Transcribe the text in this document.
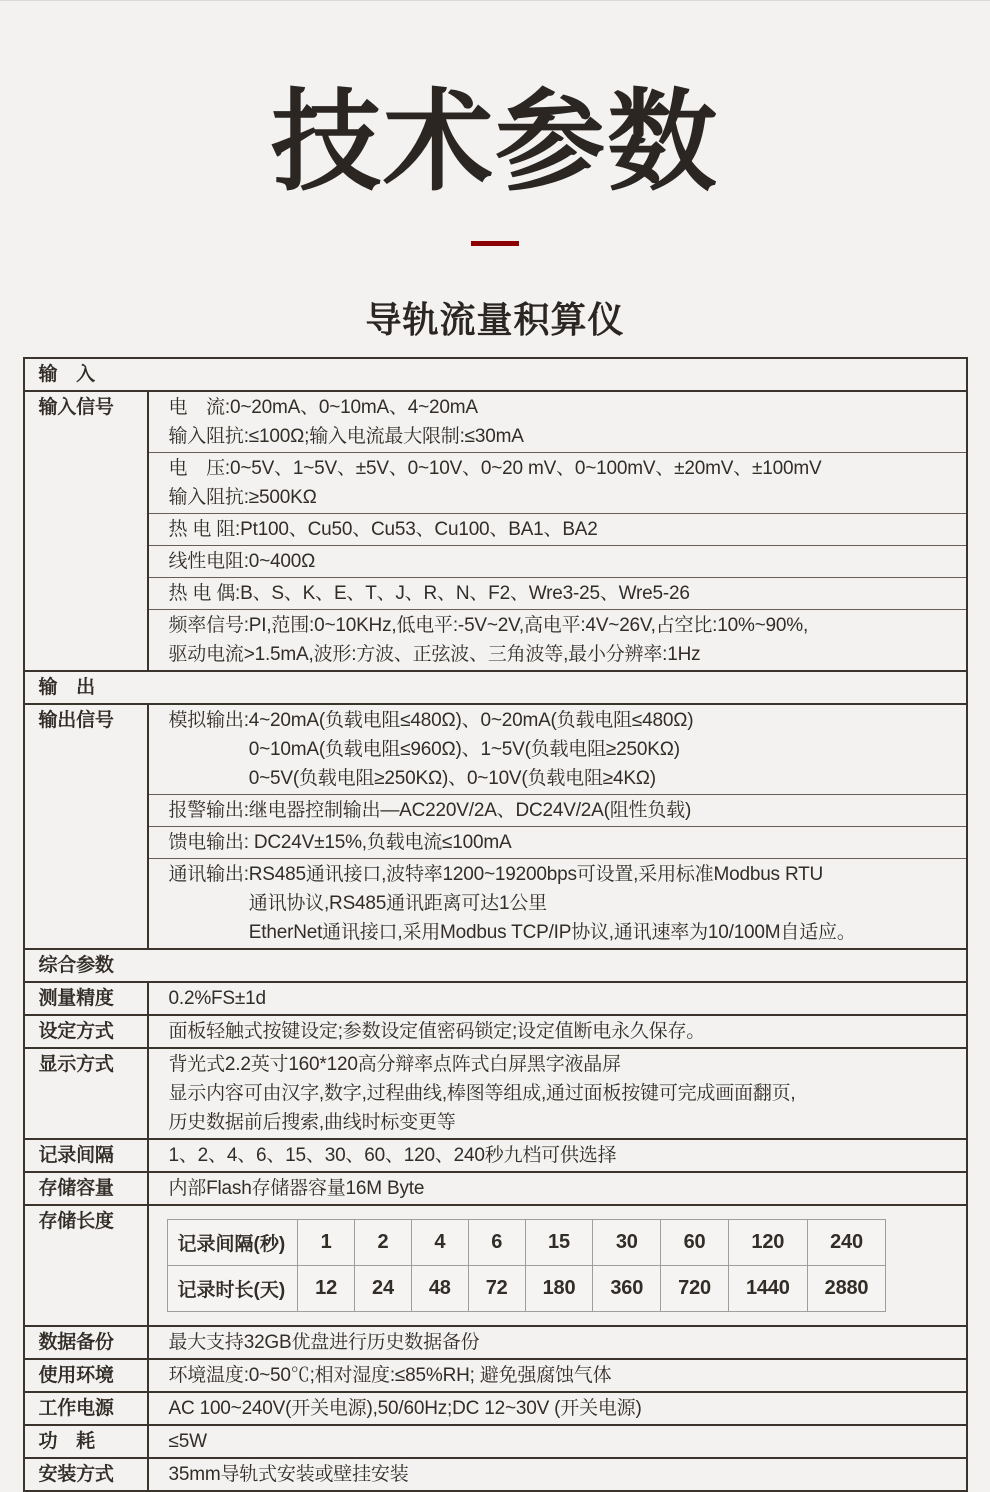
技术参数
导轨流量积算仪
输　入
输入信号	电　流:0~20mA、0~10mA、4~20mA
输入阻抗:≤100Ω;输入电流最大限制:≤30mA
电　压:0~5V、1~5V、±5V、0~10V、0~20 mV、0~100mV、±20mV、±100mV
输入阻抗:≥500KΩ
热 电 阻:Pt100、Cu50、Cu53、Cu100、BA1、BA2
线性电阻:0~400Ω
热 电 偶:B、S、K、E、T、J、R、N、F2、Wre3-25、Wre5-26
频率信号:PI,范围:0~10KHz,低电平:-5V~2V,高电平:4V~26V,占空比:10%~90%,
驱动电流>1.5mA,波形:方波、正弦波、三角波等,最小分辨率:1Hz
输　出
输出信号	模拟输出:4~20mA(负载电阻≤480Ω)、0~20mA(负载电阻≤480Ω)
　　　　 0~10mA(负载电阻≤960Ω)、1~5V(负载电阻≥250KΩ)
　　　　 0~5V(负载电阻≥250KΩ)、0~10V(负载电阻≥4KΩ)
报警输出:继电器控制输出—AC220V/2A、DC24V/2A(阻性负载)
馈电输出: DC24V±15%,负载电流≤100mA
通讯输出:RS485通讯接口,波特率1200~19200bps可设置,采用标准Modbus RTU
　　　　 通讯协议,RS485通讯距离可达1公里
　　　　 EtherNet通讯接口,采用Modbus TCP/IP协议,通讯速率为10/100M自适应。
综合参数
测量精度	0.2%FS±1d
设定方式	面板轻触式按键设定;参数设定值密码锁定;设定值断电永久保存。
显示方式	背光式2.2英寸160*120高分辩率点阵式白屏黑字液晶屏
显示内容可由汉字,数字,过程曲线,棒图等组成,通过面板按键可完成画面翻页,
历史数据前后搜索,曲线时标变更等
记录间隔	1、2、4、6、15、30、60、120、240秒九档可供选择
存储容量	内部Flash存储器容量16M Byte
存储长度
记录间隔(秒)	1	2	4	6	15	30	60	120	240
记录时长(天)	12	24	48	72	180	360	720	1440	2880
数据备份	最大支持32GB优盘进行历史数据备份
使用环境	环境温度:0~50℃;相对湿度:≤85%RH; 避免强腐蚀气体
工作电源	AC 100~240V(开关电源),50/60Hz;DC 12~30V (开关电源)
功　耗	≤5W
安装方式	35mm导轨式安装或壁挂安装
